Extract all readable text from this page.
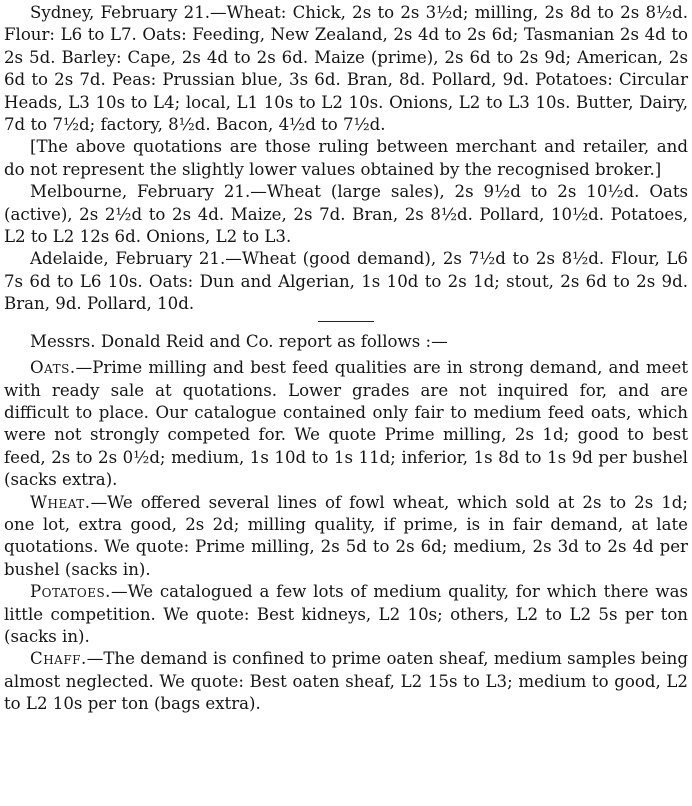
Sydney, February 21.—Wheat: Chick, 2s to 2s 3½d; milling, 2s 8d to 2s 8½d. Flour: L6 to L7. Oats: Feeding, New Zealand, 2s 4d to 2s 6d; Tasmanian 2s 4d to 2s 5d. Barley: Cape, 2s 4d to 2s 6d. Maize (prime), 2s 6d to 2s 9d; American, 2s 6d to 2s 7d. Peas: Prussian blue, 3s 6d. Bran, 8d. Pollard, 9d. Potatoes: Circular Heads, L3 10s to L4; local, L1 10s to L2 10s. Onions, L2 to L3 10s. Butter, Dairy, 7d to 7½d; factory, 8½d. Bacon, 4½d to 7½d.

[The above quotations are those ruling between merchant and retailer, and do not represent the slightly lower values obtained by the recognised broker.]

Melbourne, February 21.—Wheat (large sales), 2s 9½d to 2s 10½d. Oats (active), 2s 2½d to 2s 4d. Maize, 2s 7d. Bran, 2s 8½d. Pollard, 10½d. Potatoes, L2 to L2 12s 6d. Onions, L2 to L3.

Adelaide, February 21.—Wheat (good demand), 2s 7½d to 2s 8½d. Flour, L6 7s 6d to L6 10s. Oats: Dun and Algerian, 1s 10d to 2s 1d; stout, 2s 6d to 2s 9d. Bran, 9d. Pollard, 10d.

Messrs. Donald Reid and Co. report as follows :—

Oats.—Prime milling and best feed qualities are in strong demand, and meet with ready sale at quotations. Lower grades are not inquired for, and are difficult to place. Our catalogue contained only fair to medium feed oats, which were not strongly competed for. We quote Prime milling, 2s 1d; good to best feed, 2s to 2s 0½d; medium, 1s 10d to 1s 11d; inferior, 1s 8d to 1s 9d per bushel (sacks extra).

Wheat.—We offered several lines of fowl wheat, which sold at 2s to 2s 1d; one lot, extra good, 2s 2d; milling quality, if prime, is in fair demand, at late quotations. We quote: Prime milling, 2s 5d to 2s 6d; medium, 2s 3d to 2s 4d per bushel (sacks in).

Potatoes.—We catalogued a few lots of medium quality, for which there was little competition. We quote: Best kidneys, L2 10s; others, L2 to L2 5s per ton (sacks in).

Chaff.—The demand is confined to prime oaten sheaf, medium samples being almost neglected. We quote: Best oaten sheaf, L2 15s to L3; medium to good, L2 to L2 10s per ton (bags extra).
